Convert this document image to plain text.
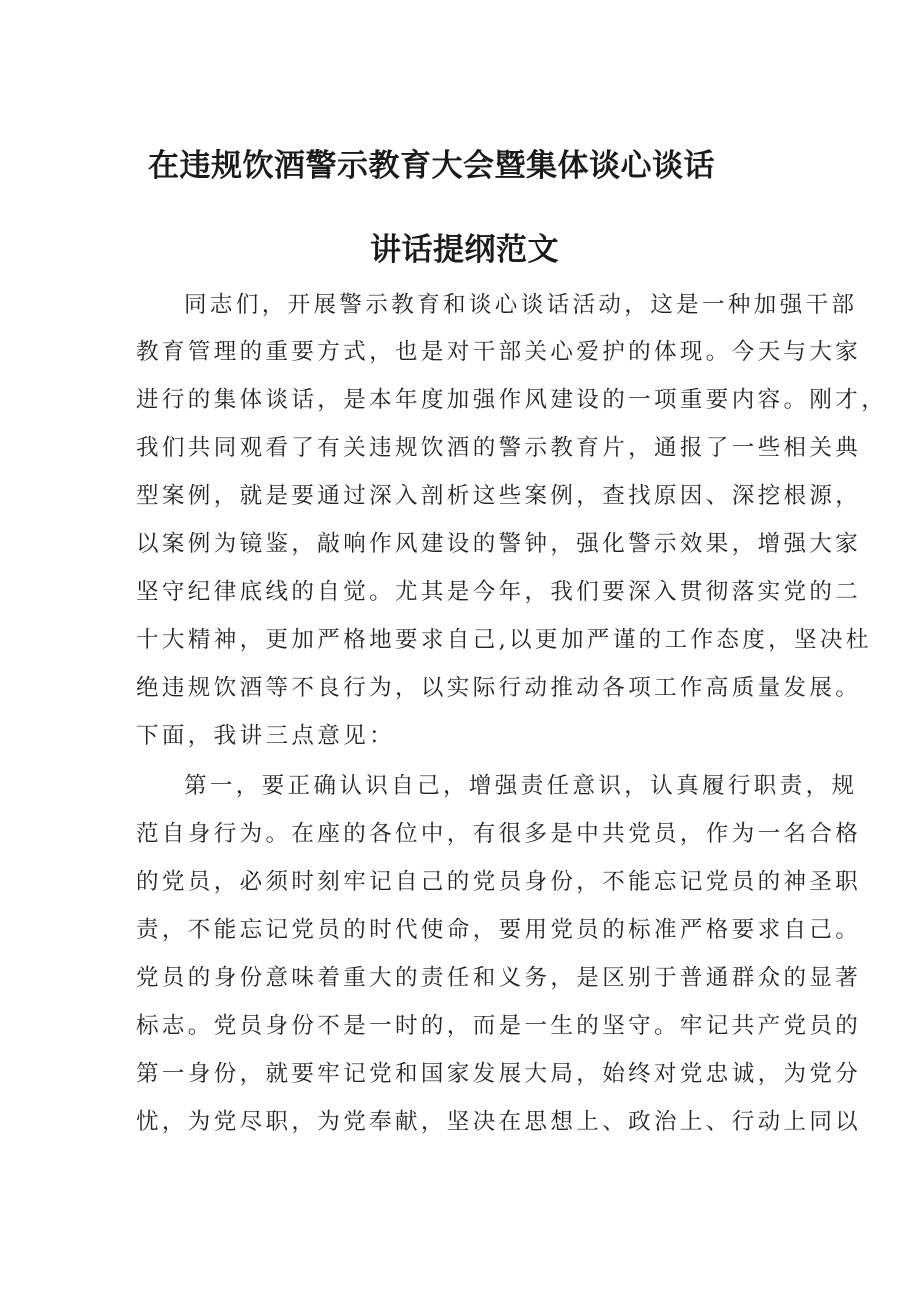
在违规饮酒警示教育大会暨集体谈心谈话
讲话提纲范文
同志们，开展警示教育和谈心谈话活动，这是一种加强干部
教育管理的重要方式，也是对干部关心爱护的体现。今天与大家
进行的集体谈话，是本年度加强作风建设的一项重要内容。刚才，
我们共同观看了有关违规饮酒的警示教育片，通报了一些相关典
型案例，就是要通过深入剖析这些案例，查找原因、深挖根源，
以案例为镜鉴，敲响作风建设的警钟，强化警示效果，增强大家
坚守纪律底线的自觉。尤其是今年，我们要深入贯彻落实党的二
十大精神，更加严格地要求自己,以更加严谨的工作态度，坚决杜
绝违规饮酒等不良行为，以实际行动推动各项工作高质量发展。
下面，我讲三点意见：
第一，要正确认识自己，增强责任意识，认真履行职责，规
范自身行为。在座的各位中，有很多是中共党员，作为一名合格
的党员，必须时刻牢记自己的党员身份，不能忘记党员的神圣职
责，不能忘记党员的时代使命，要用党员的标准严格要求自己。
党员的身份意味着重大的责任和义务，是区别于普通群众的显著
标志。党员身份不是一时的，而是一生的坚守。牢记共产党员的
第一身份，就要牢记党和国家发展大局，始终对党忠诚，为党分
忧，为党尽职，为党奉献，坚决在思想上、政治上、行动上同以
